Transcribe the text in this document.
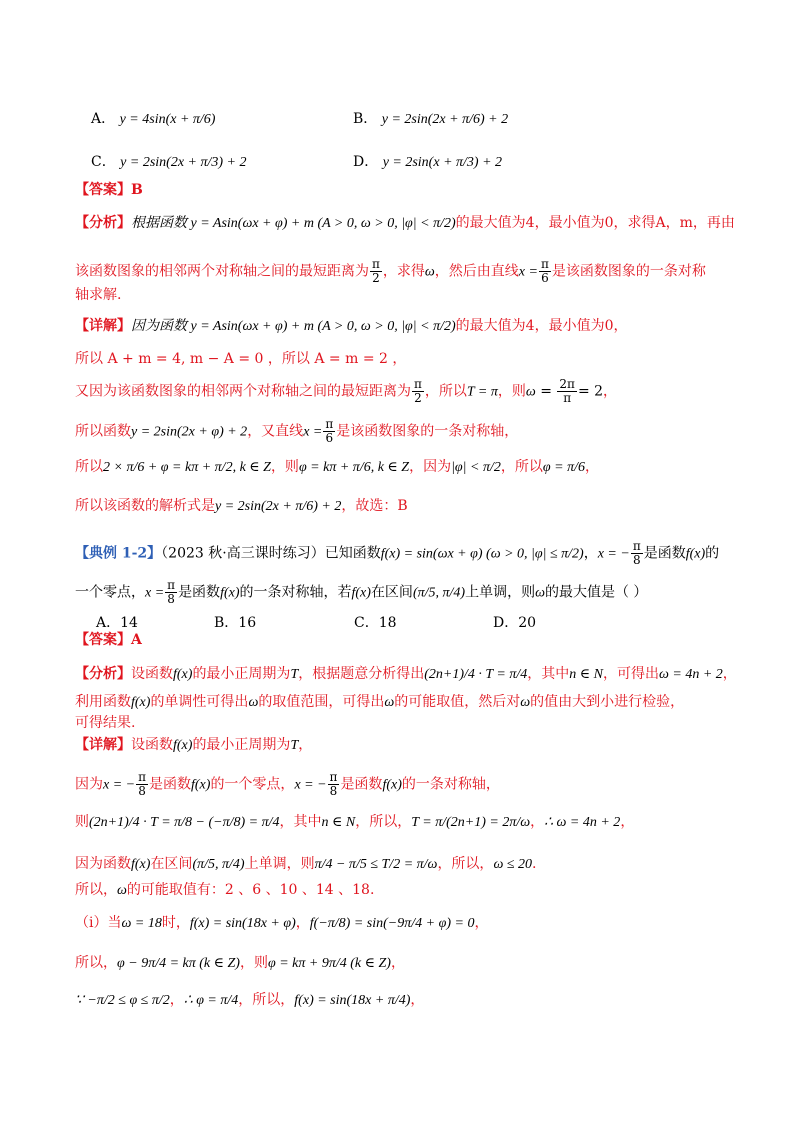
A． y = 4sin(x + π/6)	B． y = 2sin(2x + π/6) + 2
C． y = 2sin(2x + π/3) + 2	D． y = 2sin(x + π/3) + 2
【答案】B
【分析】根据函数 y = Asin(ωx + φ) + m (A > 0, ω > 0, |φ| < π/2)的最大值为4，最小值为0，求得A，m，再由
该函数图象的相邻两个对称轴之间的最短距离为 $\frac{\pi}{2}$ ，求得ω，然后由直线$x = \frac{\pi}{6}$ 是该函数图象的一条对称
轴求解.
【详解】因为函数 y = Asin(ωx + φ) + m (A > 0, ω > 0, |φ| < π/2)的最大值为4，最小值为0，
所以 A + m = 4, m − A = 0 ，所以 A = m = 2 ，
又因为该函数图象的相邻两个对称轴之间的最短距离为 $\frac{\pi}{2}$ ，所以T = π，则$\omega = \frac{2\pi}{\pi} = 2$，
所以函数y = 2sin(2x + φ) + 2，又直线$x = \frac{\pi}{6}$ 是该函数图象的一条对称轴，
所以2 × π/6 + φ = kπ + π/2, k ∈ Z，则φ = kπ + π/6, k ∈ Z，因为|φ| < π/2，所以φ = π/6，
所以该函数的解析式是y = 2sin(2x + π/6) + 2，故选：B
【典例 1-2】（2023 秋·高三课时练习）已知函数f(x) = sin(ωx + φ) (ω > 0, |φ| ≤ π/2)，x = − $\frac{\pi}{8}$ 是函数f(x)的
一个零点，$x = \frac{\pi}{8}$ 是函数f(x)的一条对称轴，若f(x)在区间(π/5, π/4)上单调，则ω的最大值是（ ）
A．14	B．16	C．18	D．20
【答案】A
【分析】设函数f(x)的最小正周期为T，根据题意分析得出(2n+1)/4 · T = π/4，其中n ∈ N，可得出ω = 4n + 2，
利用函数f(x)的单调性可得出ω的取值范围，可得出ω的可能取值，然后对ω的值由大到小进行检验，
可得结果.
【详解】设函数f(x)的最小正周期为T，
因为x = − $\frac{\pi}{8}$ 是函数f(x)的一个零点，x = − $\frac{\pi}{8}$ 是函数f(x)的一条对称轴，
则(2n+1)/4 · T = π/8 − (−π/8) = π/4，其中n ∈ N，所以，T = π/(2n+1) = 2π/ω，∴ ω = 4n + 2，
因为函数f(x)在区间(π/5, π/4)上单调，则π/4 − π/5 ≤ T/2 = π/ω，所以，ω ≤ 20.
所以，ω的可能取值有：2 、6 、10 、14 、18.
（i）当ω = 18时，f(x) = sin(18x + φ)，f(−π/8) = sin(−9π/4 + φ) = 0，
所以，φ − 9π/4 = kπ (k ∈ Z)，则φ = kπ + 9π/4 (k ∈ Z)，
∵ −π/2 ≤ φ ≤ π/2，∴ φ = π/4，所以，f(x) = sin(18x + π/4)，
